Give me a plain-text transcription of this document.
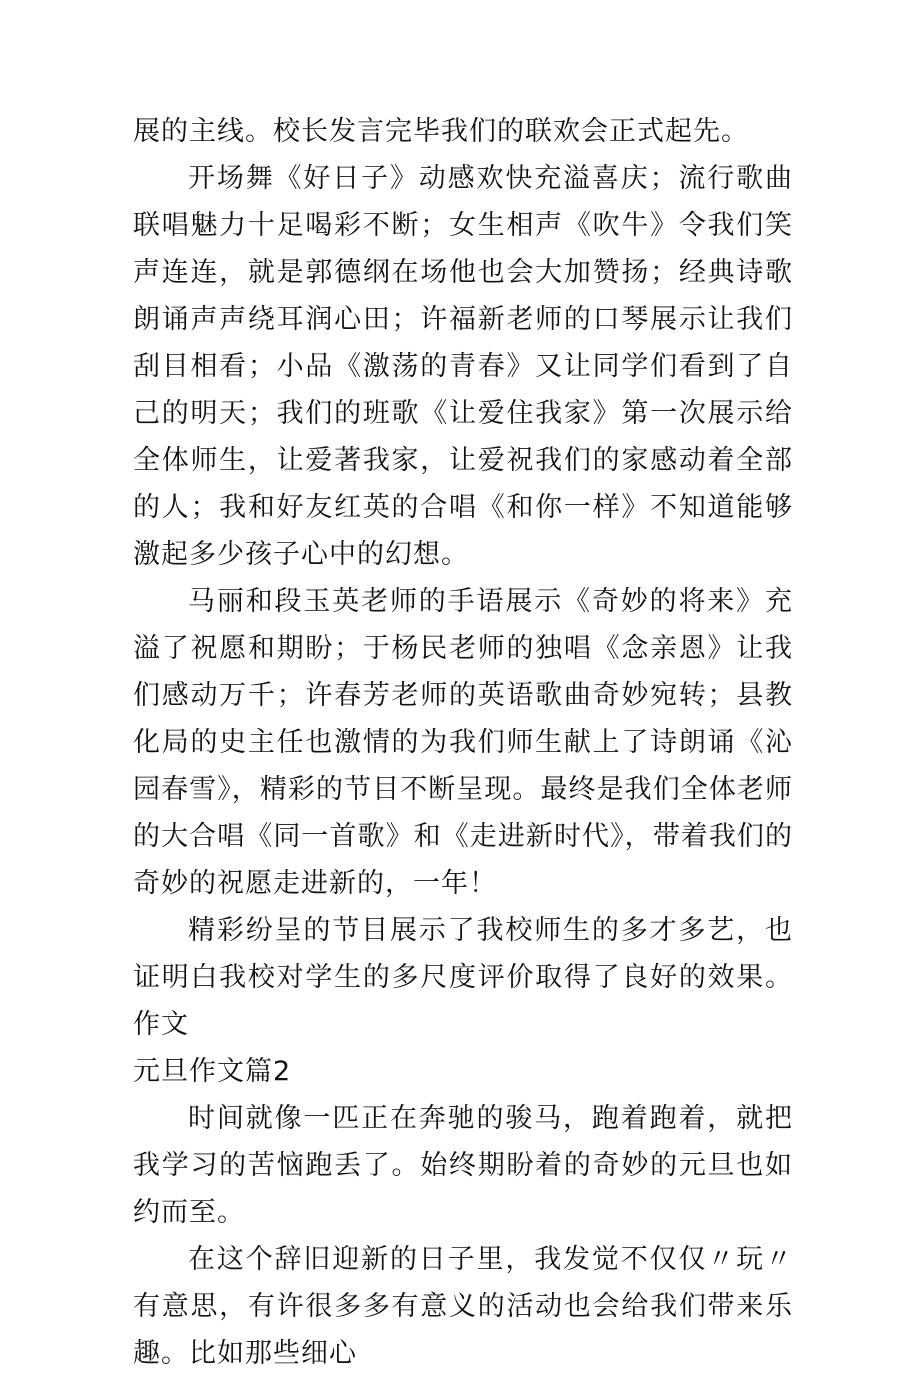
展的主线。校长发言完毕我们的联欢会正式起先。

开场舞《好日子》动感欢快充溢喜庆；流行歌曲联唱魅力十足喝彩不断；女生相声《吹牛》令我们笑声连连，就是郭德纲在场他也会大加赞扬；经典诗歌朗诵声声绕耳润心田；许福新老师的口琴展示让我们刮目相看；小品《激荡的青春》又让同学们看到了自己的明天；我们的班歌《让爱住我家》第一次展示给全体师生，让爱著我家，让爱祝我们的家感动着全部的人；我和好友红英的合唱《和你一样》不知道能够激起多少孩子心中的幻想。

马丽和段玉英老师的手语展示《奇妙的将来》充溢了祝愿和期盼；于杨民老师的独唱《念亲恩》让我们感动万千；许春芳老师的英语歌曲奇妙宛转；县教化局的史主任也激情的为我们师生献上了诗朗诵《沁园春雪》，精彩的节目不断呈现。最终是我们全体老师的大合唱《同一首歌》和《走进新时代》，带着我们的奇妙的祝愿走进新的，一年！

精彩纷呈的节目展示了我校师生的多才多艺，也证明白我校对学生的多尺度评价取得了良好的效果。作文

元旦作文篇2

时间就像一匹正在奔驰的骏马，跑着跑着，就把我学习的苦恼跑丢了。始终期盼着的奇妙的元旦也如约而至。

在这个辞旧迎新的日子里，我发觉不仅仅〃玩〃有意思，有许很多多有意义的活动也会给我们带来乐趣。比如那些细心
